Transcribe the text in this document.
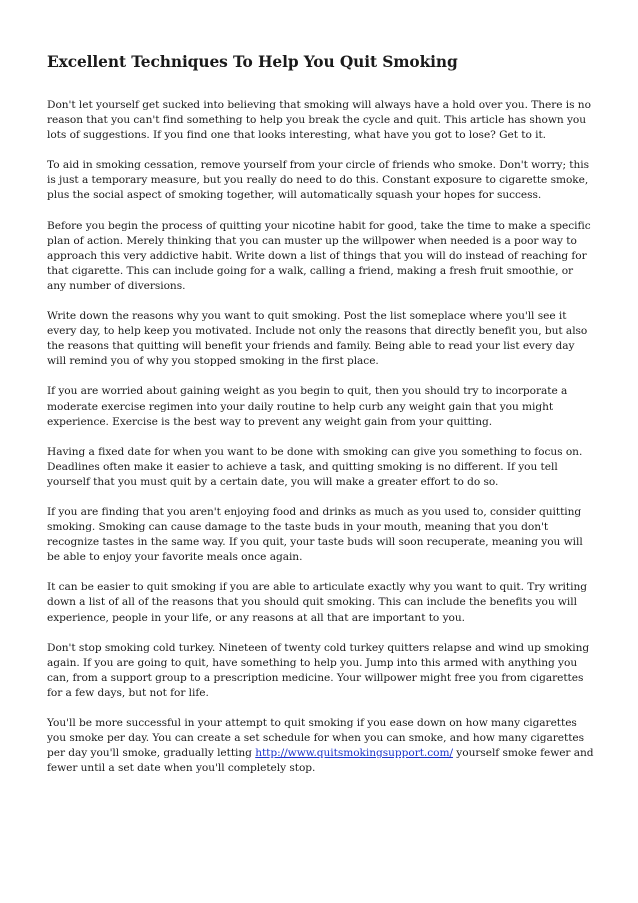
Excellent Techniques To Help You Quit Smoking

Don't let yourself get sucked into believing that smoking will always have a hold over you. There is no reason that you can't find something to help you break the cycle and quit. This article has shown you lots of suggestions. If you find one that looks interesting, what have you got to lose? Get to it.

To aid in smoking cessation, remove yourself from your circle of friends who smoke. Don't worry; this is just a temporary measure, but you really do need to do this. Constant exposure to cigarette smoke, plus the social aspect of smoking together, will automatically squash your hopes for success.

Before you begin the process of quitting your nicotine habit for good, take the time to make a specific plan of action. Merely thinking that you can muster up the willpower when needed is a poor way to approach this very addictive habit. Write down a list of things that you will do instead of reaching for that cigarette. This can include going for a walk, calling a friend, making a fresh fruit smoothie, or any number of diversions.

Write down the reasons why you want to quit smoking. Post the list someplace where you'll see it every day, to help keep you motivated. Include not only the reasons that directly benefit you, but also the reasons that quitting will benefit your friends and family. Being able to read your list every day will remind you of why you stopped smoking in the first place.

If you are worried about gaining weight as you begin to quit, then you should try to incorporate a moderate exercise regimen into your daily routine to help curb any weight gain that you might experience. Exercise is the best way to prevent any weight gain from your quitting.

Having a fixed date for when you want to be done with smoking can give you something to focus on. Deadlines often make it easier to achieve a task, and quitting smoking is no different. If you tell yourself that you must quit by a certain date, you will make a greater effort to do so.

If you are finding that you aren't enjoying food and drinks as much as you used to, consider quitting smoking. Smoking can cause damage to the taste buds in your mouth, meaning that you don't recognize tastes in the same way. If you quit, your taste buds will soon recuperate, meaning you will be able to enjoy your favorite meals once again.

It can be easier to quit smoking if you are able to articulate exactly why you want to quit. Try writing down a list of all of the reasons that you should quit smoking. This can include the benefits you will experience, people in your life, or any reasons at all that are important to you.

Don't stop smoking cold turkey. Nineteen of twenty cold turkey quitters relapse and wind up smoking again. If you are going to quit, have something to help you. Jump into this armed with anything you can, from a support group to a prescription medicine. Your willpower might free you from cigarettes for a few days, but not for life.

You'll be more successful in your attempt to quit smoking if you ease down on how many cigarettes you smoke per day. You can create a set schedule for when you can smoke, and how many cigarettes per day you'll smoke, gradually letting http://www.quitsmokingsupport.com/ yourself smoke fewer and fewer until a set date when you'll completely stop.
